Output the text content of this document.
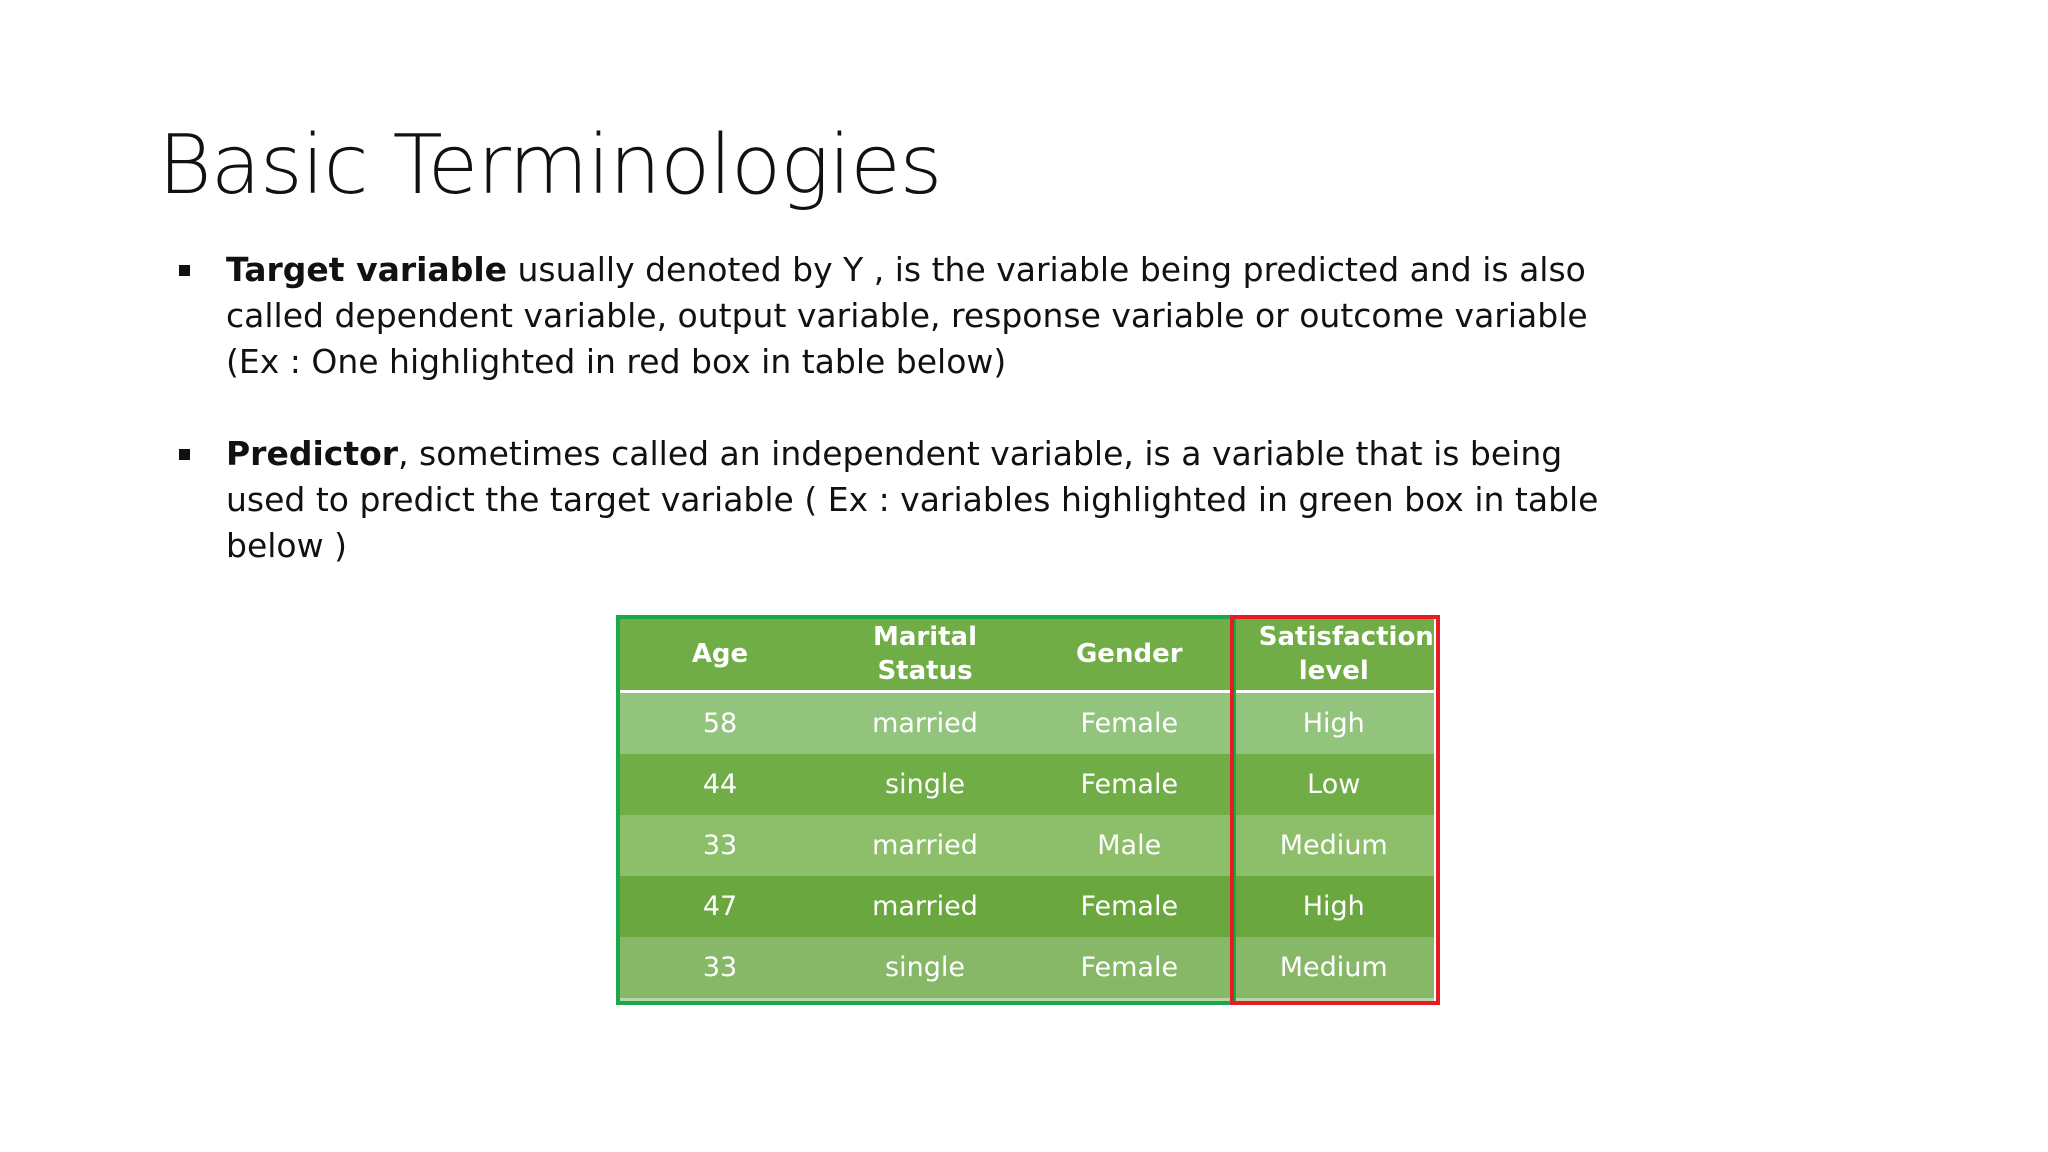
Basic Terminologies
Target variable usually denoted by Y , is the variable being predicted and is also called dependent variable, output variable, response variable or outcome variable (Ex : One highlighted in red box in table below)
Predictor, sometimes called an independent variable, is a variable that is being used to predict the target variable ( Ex : variables highlighted in green box in table below )
Age	Marital Status	Gender	Satisfaction level
58	married	Female	High
44	single	Female	Low
33	married	Male	Medium
47	married	Female	High
33	single	Female	Medium
